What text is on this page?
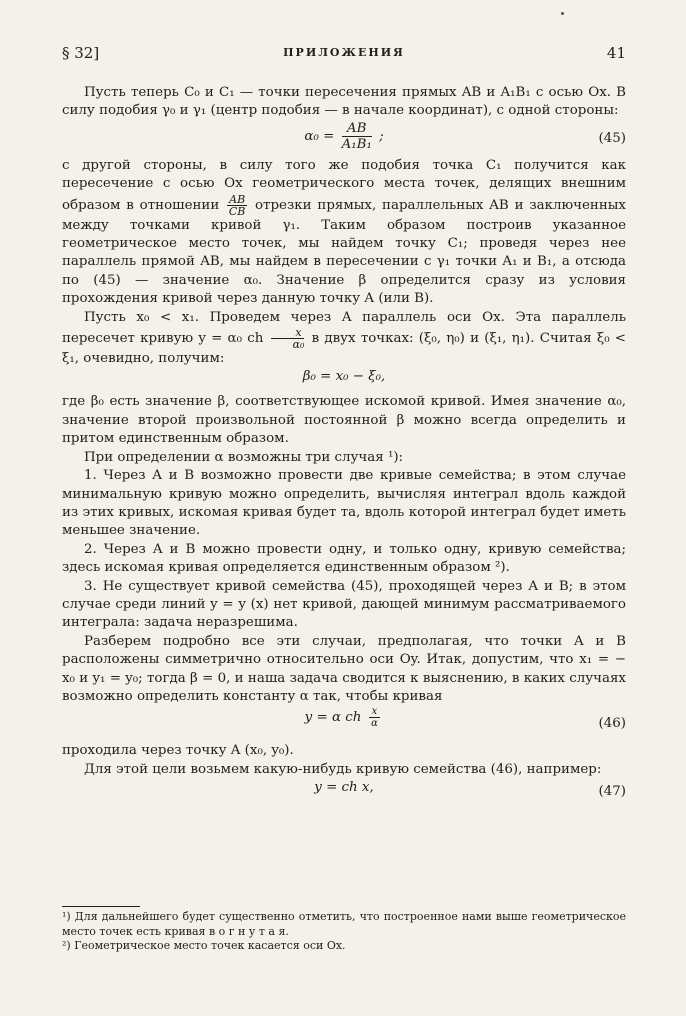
§ 32]	ПРИЛОЖЕНИЯ	41

Пусть теперь C₀ и C₁ — точки пересечения прямых AB и A₁B₁ с осью Ox. В силу подобия γ₀ и γ₁ (центр подобия — в начале координат), с одной стороны:

$\alpha_0 = \frac{AB}{\text{A₁B₁}}$ ;	(45)

с другой стороны, в силу того же подобия точка C₁ получится как пересечение с осью Ox геометрического места точек, делящих внешним образом в отношении $\frac{AB}{CB}$ отрезки прямых, параллельных AB и заключенных между точками кривой γ₁. Таким образом построив указанное геометрическое место точек, мы найдем точку C₁; проведя через нее параллель прямой AB, мы найдем в пересечении с γ₁ точки A₁ и B₁, а отсюда по (45) — значение α₀. Значение β определится сразу из условия прохождения кривой через данную точку A (или B).

Пусть x₀ < x₁. Проведем через A параллель оси Ox. Эта параллель пересечет кривую y = α₀ ch $\frac{x}{\text{α₀}}$ в двух точках: (ξ₀, η₀) и (ξ₁, η₁). Считая ξ₀ < ξ₁, очевидно, получим:

β₀ = x₀ − ξ₀,

где β₀ есть значение β, соответствующее искомой кривой. Имея значение α₀, значение второй произвольной постоянной β можно всегда определить и притом единственным образом.

При определении α возможны три случая ¹):

1. Через A и B возможно провести две кривые семейства; в этом случае минимальную кривую можно определить, вычисляя интеграл вдоль каждой из этих кривых, искомая кривая будет та, вдоль которой интеграл будет иметь меньшее значение.

2. Через A и B можно провести одну, и только одну, кривую семейства; здесь искомая кривая определяется единственным образом ²).

3. Не существует кривой семейства (45), проходящей через A и B; в этом случае среди линий y = y (x) нет кривой, дающей минимум рассматриваемого интеграла: задача неразрешима.

Разберем подробно все эти случаи, предполагая, что точки A и B расположены симметрично относительно оси Oy. Итак, допустим, что x₁ = − x₀ и y₁ = y₀; тогда β = 0, и наша задача сводится к выяснению, в каких случаях возможно определить константу α так, чтобы кривая

y = α ch $\frac{x}{\alpha}$	(46)

проходила через точку A (x₀, y₀).

Для этой цели возьмем какую-нибудь кривую семейства (46), например:

y = ch x,	(47)

¹) Для дальнейшего будет существенно отметить, что построенное нами выше геометрическое место точек есть кривая в о г н у т а я.

²) Геометрическое место точек касается оси Ox.
